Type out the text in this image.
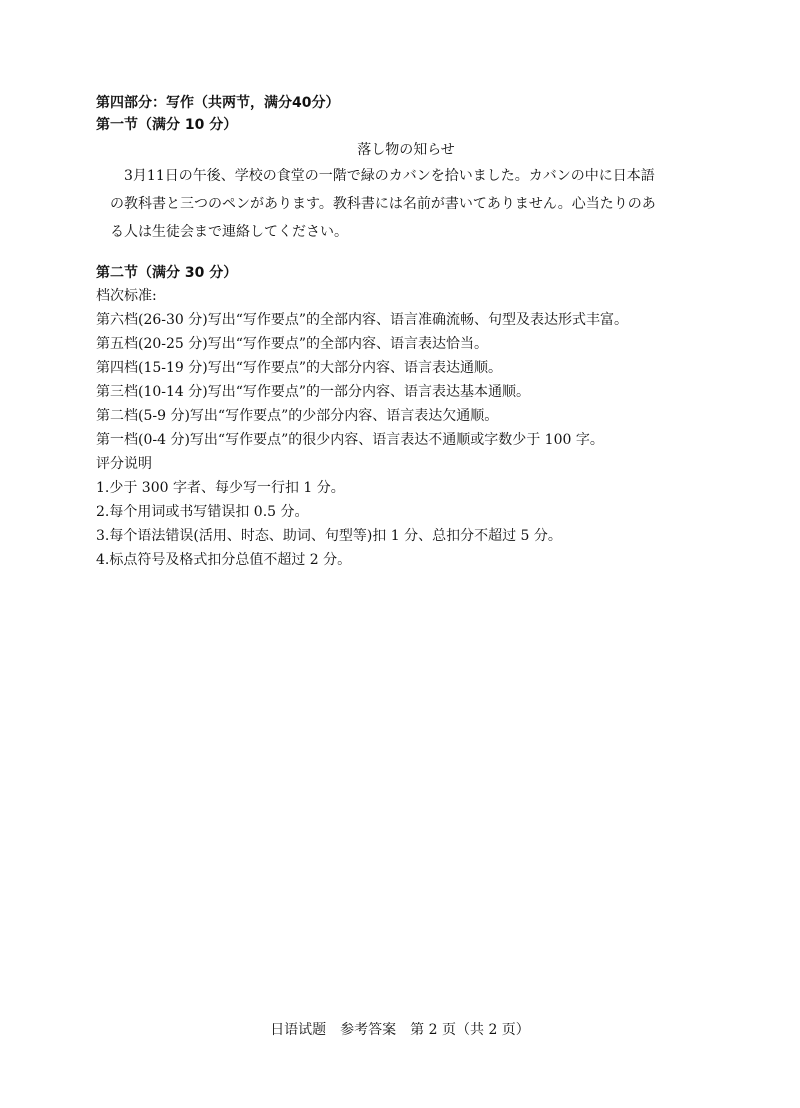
第四部分：写作（共两节，满分40分）
第一节（满分 10 分）
落し物の知らせ
3月11日の午後、学校の食堂の一階で緑のカバンを拾いました。カバンの中に日本語
の教科書と三つのペンがあります。教科書には名前が書いてありません。心当たりのあ
る人は生徒会まで連絡してください。
第二节（满分 30 分）
档次标准:
第六档(26-30 分)写出“写作要点”的全部内容、语言准确流畅、句型及表达形式丰富。
第五档(20-25 分)写出“写作要点”的全部内容、语言表达恰当。
第四档(15-19 分)写出“写作要点”的大部分内容、语言表达通顺。
第三档(10-14 分)写出“写作要点”的一部分内容、语言表达基本通顺。
第二档(5-9 分)写出“写作要点”的少部分内容、语言表达欠通顺。
第一档(0-4 分)写出“写作要点”的很少内容、语言表达不通顺或字数少于 100 字。
评分说明
1.少于 300 字者、每少写一行扣 1 分。
2.每个用词或书写错误扣 0.5 分。
3.每个语法错误(活用、时态、助词、句型等)扣 1 分、总扣分不超过 5 分。
4.标点符号及格式扣分总值不超过 2 分。
日语试题　参考答案　第 2 页（共 2 页）
